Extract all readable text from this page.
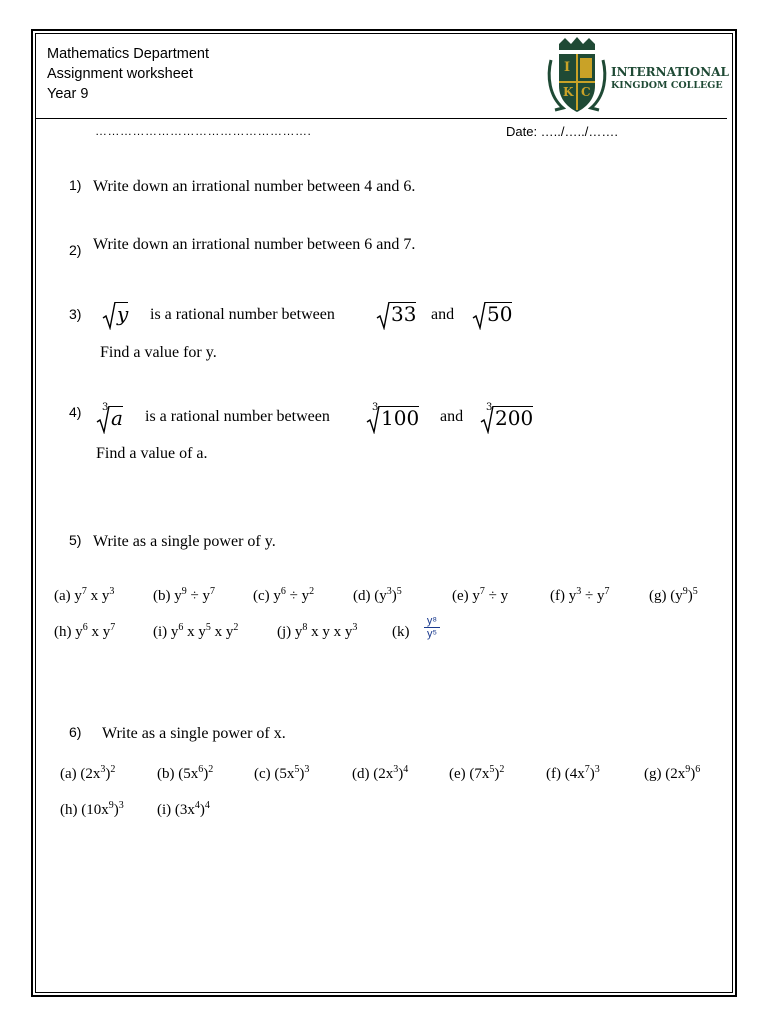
Mathematics Department
Assignment worksheet
Year 9
I
K C
INTERNATIONAL
KINGDOM COLLEGE
…………………………………………….	Date: …../…../…….
1) Write down an irrational number between 4 and 6.
2) Write down an irrational number between 6 and 7.
3) y is a rational number between	33 and 50
Find a value for y.
4) 3 a is a rational number between
3 100 and
3 200
Find a value of a.
5) Write as a single power of y.
(a) $y^7$ x $y^3$	(b) $y^9 \div y^7$	(c) $y^6 \div y^2$	(d) $(y^3)^5$	(e) $y^7 \div y$	(f) $y^3 \div y^7$	(g) $(y^9)^5$
(h) $y^6$ x $y^7$	(i) $y^6$ x $y^5$ x $y^2$	(j) $y^8$ x y x $y^3$ $(k) \frac{\text{y⁸}}{\text{y⁵}}$
6) Write as a single power of x.
(a) $(2x^3)^2$	(b) $(5x^6)^2$	(c) $(5x^5)^3$	(d) $(2x^3)^4$	(e) $(7x^5)^2$	(f) $(4x^7)^3$	(g) $(2x^9)^6$
(h) $(10x^9)^3$ (i) $(3x^4)^4$
